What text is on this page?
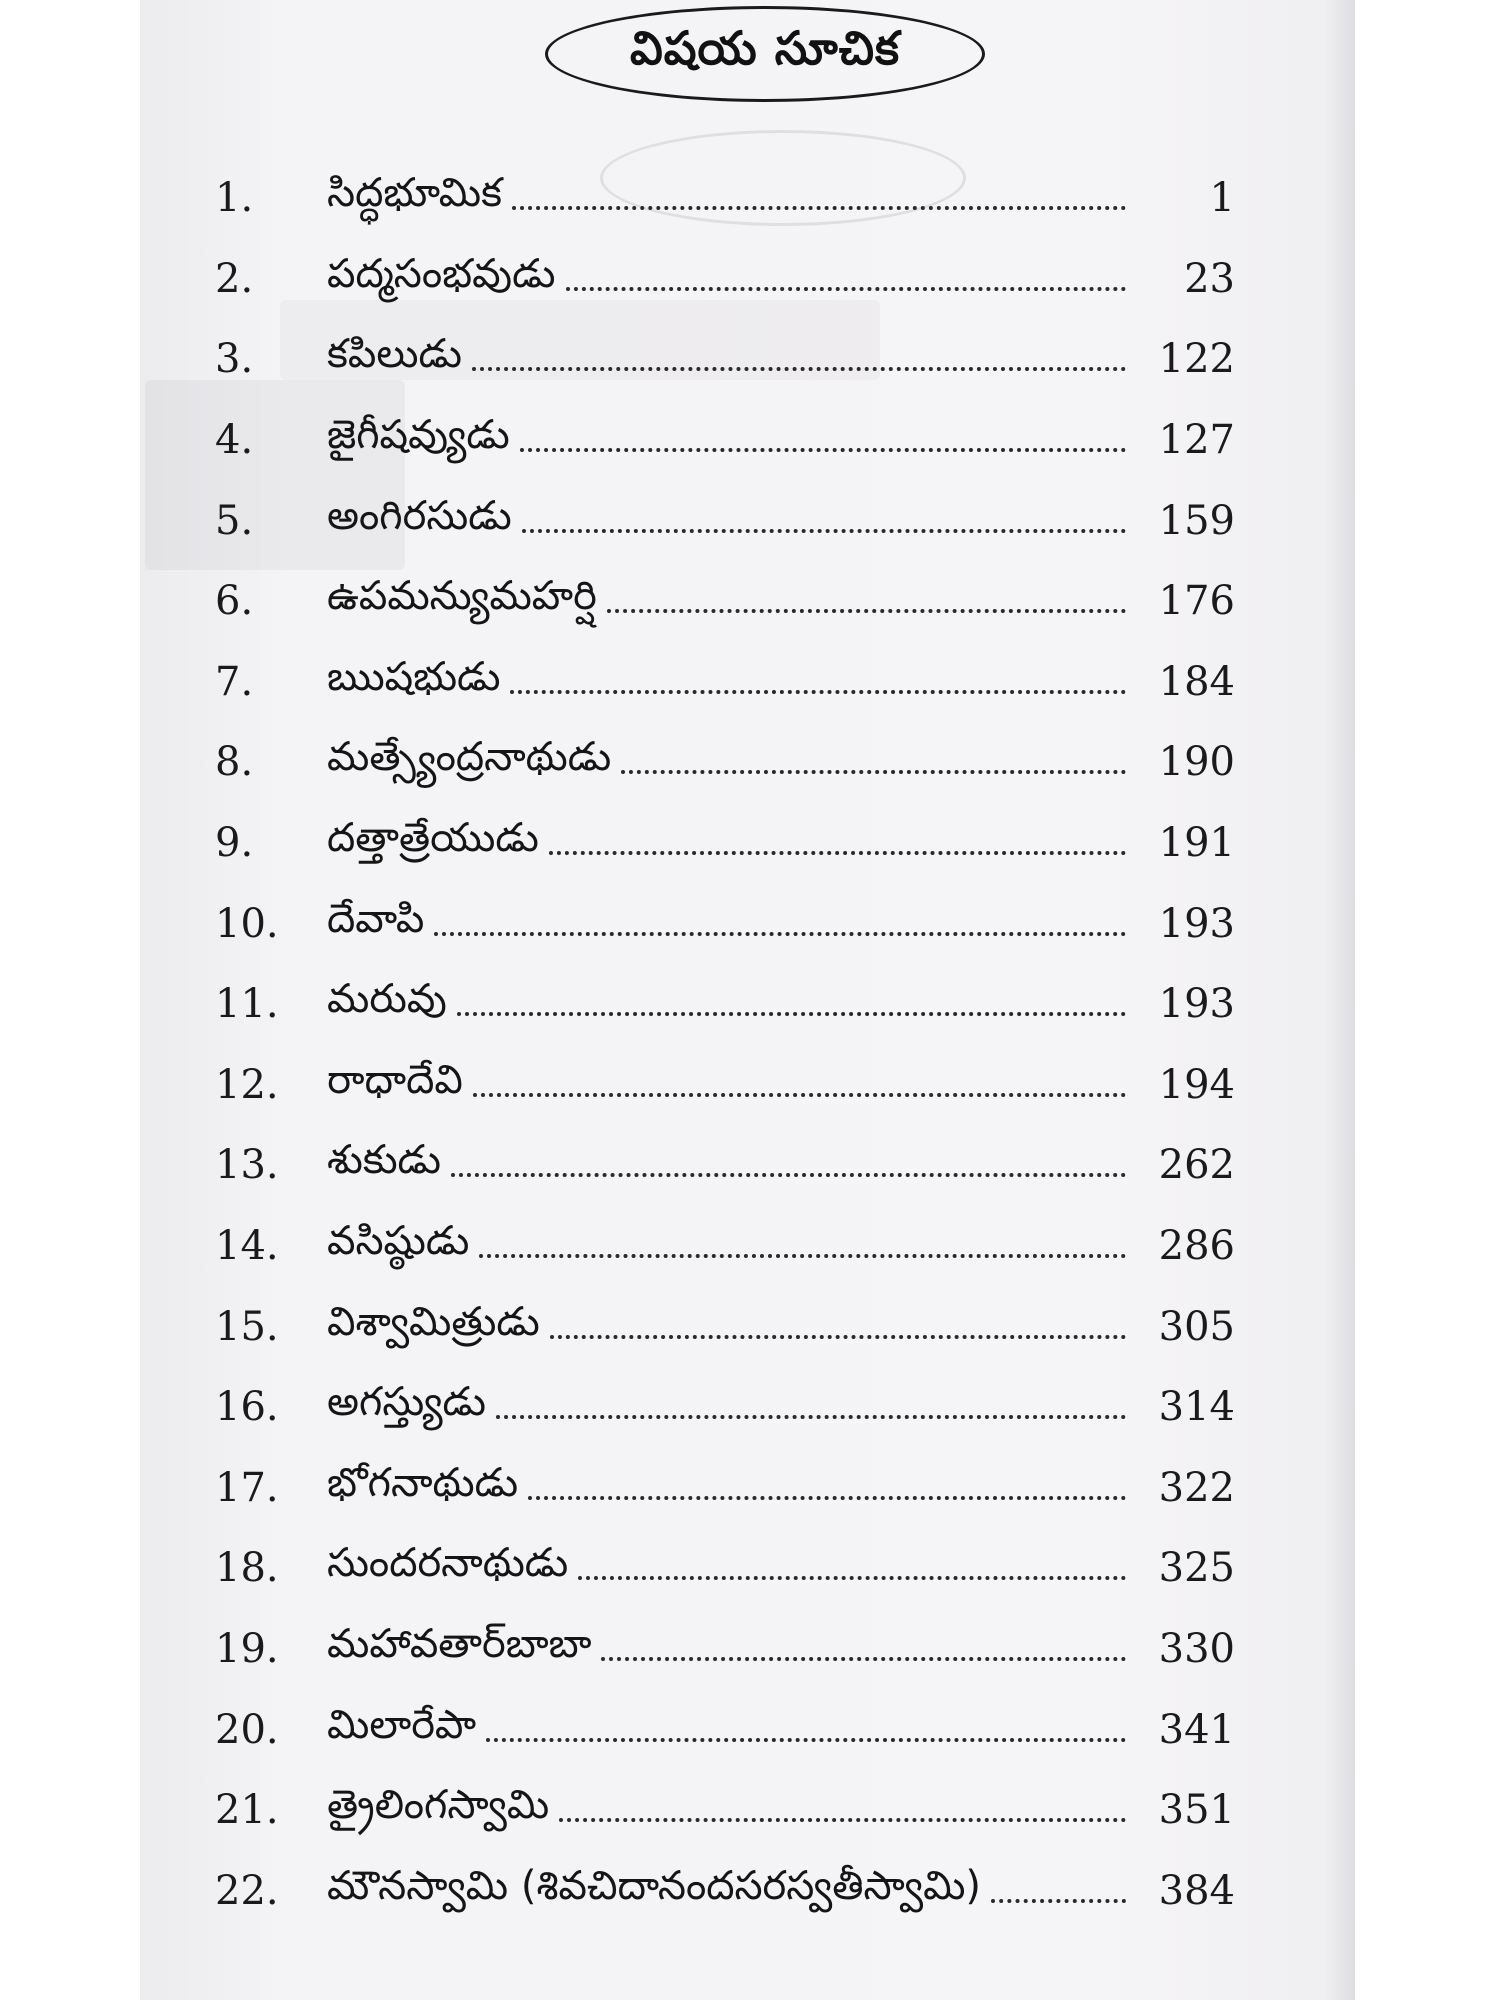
విషయ సూచిక
1.	సిద్ధభూమిక	1
2.	పద్మసంభవుడు	23
3.	కపిలుడు	122
4.	జైగీషవ్యుడు	127
5.	అంగిరసుడు	159
6.	ఉపమన్యుమహర్షి	176
7.	ఋషభుడు	184
8.	మత్స్యేంద్రనాథుడు	190
9.	దత్తాత్రేయుడు	191
10.	దేవాపి	193
11.	మరువు	193
12.	రాధాదేవి	194
13.	శుకుడు	262
14.	వసిష్ఠుడు	286
15.	విశ్వామిత్రుడు	305
16.	అగస్త్యుడు	314
17.	భోగనాథుడు	322
18.	సుందరనాథుడు	325
19.	మహావతార్‌బాబా	330
20.	మిలారేపా	341
21.	త్రైలింగస్వామి	351
22.	మౌనస్వామి (శివచిదానందసరస్వతీస్వామి)	384
